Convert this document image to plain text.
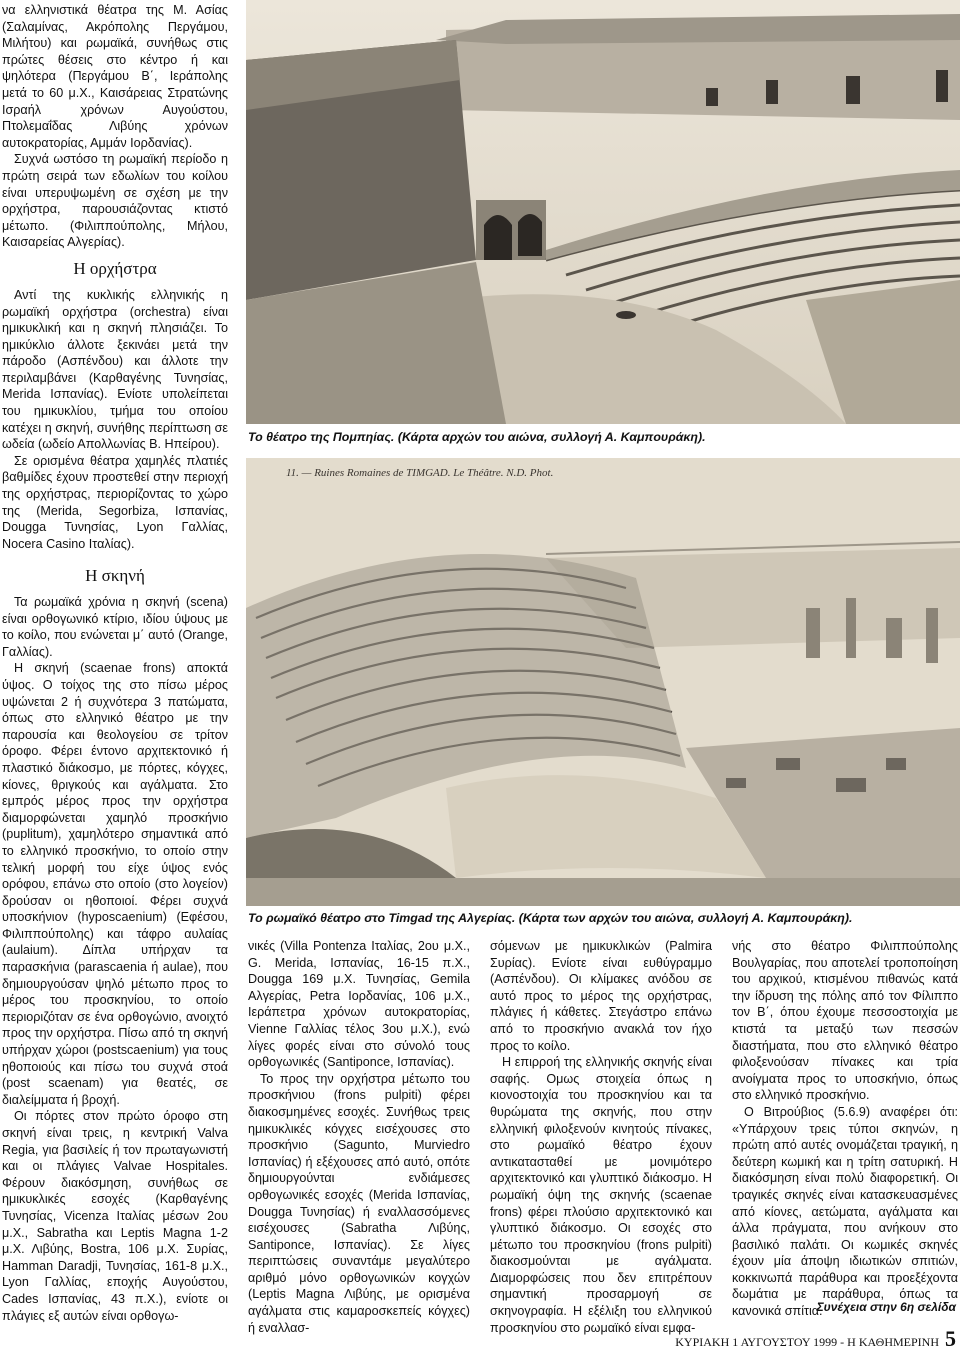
να ελληνιστικά θέατρα της Μ. Ασίας (Σαλαμίνας, Ακρόπολης Περγάμου, Μιλήτου) και ρωμαϊκά, συνήθως στις πρώτες θέσεις στο κέντρο ή και ψηλότερα (Περγάμου Β΄, Ιεράπολης μετά το 60 μ.Χ., Καισάρειας Στρατώνης Ισραήλ χρόνων Αυγούστου, Πτολεμαΐδας Λιβύης χρόνων αυτοκρατορίας, Αμμάν Ιορδανίας).

Συχνά ωστόσο τη ρωμαϊκή περίοδο η πρώτη σειρά των εδωλίων του κοίλου είναι υπερυψωμένη σε σχέση με την ορχήστρα, παρουσιάζοντας κτιστό μέτωπο. (Φιλιππούπολης, Μήλου, Καισαρείας Αλγερίας).

Η ορχήστρα

Αντί της κυκλικής ελληνικής η ρωμαϊκή ορχήστρα (orchestra) είναι ημικυκλική και η σκηνή πλησιάζει. Το ημικύκλιο άλλοτε ξεκινάει μετά την πάροδο (Ασπένδου) και άλλοτε την περιλαμβάνει (Καρθαγένης Τυνησίας, Merida Ισπανίας). Ενίοτε υπολείπεται του ημικυκλίου, τμήμα του οποίου κατέχει η σκηνή, συνήθης περίπτωση σε ωδεία (ωδείο Απολλωνίας Β. Ηπείρου).

Σε ορισμένα θέατρα χαμηλές πλατιές βαθμίδες έχουν προστεθεί στην περιοχή της ορχήστρας, περιορίζοντας το χώρο της (Merida, Segorbiza, Ισπανίας, Dougga Τυνησίας, Lyon Γαλλίας, Nocera Casino Ιταλίας).

Η σκηνή

Τα ρωμαϊκά χρόνια η σκηνή (scena) είναι ορθογωνικό κτίριο, ιδίου ύψους με το κοίλο, που ενώνεται μ΄ αυτό (Orange, Γαλλίας).

Η σκηνή (scaenae frons) αποκτά ύψος. Ο τοίχος της στο πίσω μέρος υψώνεται 2 ή συχνότερα 3 πατώματα, όπως στο ελληνικό θέατρο με την παρουσία και θεολογείου σε τρίτον όροφο. Φέρει έντονο αρχιτεκτονικό ή πλαστικό διάκοσμο, με πόρτες, κόγχες, κίονες, θριγκούς και αγάλματα. Στο εμπρός μέρος προς την ορχήστρα διαμορφώνεται χαμηλό προσκήνιο (puplitum), χαμηλότερο σημαντικά από το ελληνικό προσκήνιο, το οποίο στην τελική μορφή του είχε ύψος ενός ορόφου, επάνω στο οποίο (στο λογείον) δρούσαν οι ηθοποιοί. Φέρει συχνά υποσκήνιον (hyposcaenium) (Εφέσου, Φιλιππούπολης) και τάφρο αυλαίας (aulaium). Δίπλα υπήρχαν τα παρασκήνια (parascaenia ή aulae), που δημιουργούσαν ψηλό μέτωπο προς το μέρος του προσκηνίου, το οποίο περιοριζόταν σε ένα ορθογώνιο, ανοιχτό προς την ορχήστρα. Πίσω από τη σκηνή υπήρχαν χώροι (postscaenium) για τους ηθοποιούς και πίσω του συχνά στοά (post scaenam) για θεατές, σε διαλείμματα ή βροχή.

Οι πόρτες στον πρώτο όροφο στη σκηνή είναι τρεις, η κεντρική Valva Regia, για βασιλείς ή τον πρωταγωνιστή και οι πλάγιες Valvae Hospitales. Φέρουν διακόσμηση, συνήθως σε ημικυκλικές εσοχές (Καρθαγένης Τυνησίας, Vicenza Ιταλίας μέσων 2ου μ.Χ., Sabratha και Leptis Magna 1-2 μ.Χ. Λιβύης, Bostra, 106 μ.Χ. Συρίας, Hamman Daradji, Τυνησίας, 161-8 μ.Χ., Lyon Γαλλίας, εποχής Αυγούστου, Cades Ισπανίας, 43 π.Χ.), ενίοτε οι πλάγιες εξ αυτών είναι ορθογω-

Το θέατρο της Πομπηίας. (Κάρτα αρχών του αιώνα, συλλογή Α. Καμπουράκη).
11. — Ruines Romaines de TIMGAD. Le Théâtre. N.D. Phot.
Το ρωμαϊκό θέατρο στο Timgad της Αλγερίας. (Κάρτα των αρχών του αιώνα, συλλογή Α. Καμπουράκη).

νικές (Villa Pontenza Ιταλίας, 2ου μ.Χ., G. Merida, Ισπανίας, 16-15 π.Χ., Dougga 169 μ.Χ. Τυνησίας, Gemila Αλγερίας, Petra Ιορδανίας, 106 μ.Χ., Ιεράπετρα χρόνων αυτοκρατορίας, Vienne Γαλλίας τέλος 3ου μ.Χ.), ενώ λίγες φορές είναι στο σύνολό τους ορθογωνικές (Santiponce, Ισπανίας).

Το προς την ορχήστρα μέτωπο του προσκήνιου (frons pulpiti) φέρει διακοσμημένες εσοχές. Συνήθως τρεις ημικυκλικές κόγχες εισέχουσες στο προσκήνιο (Sagunto, Murviedro Ισπανίας) ή εξέχουσες από αυτό, οπότε δημιουργούνται ενδιάμεσες ορθογωνικές εσοχές (Merida Ισπανίας, Dougga Τυνησίας) ή εναλλασσόμενες εισέχουσες (Sabratha Λιβύης, Santiponce, Ισπανίας). Σε λίγες περιπτώσεις συναντάμε μεγαλύτερο αριθμό μόνο ορθογωνικών κογχών (Leptis Magna Λιβύης, με ορισμένα αγάλματα στις καμαροσκεπείς κόγχες) ή εναλλασ-

σόμενων με ημικυκλικών (Palmira Συρίας). Ενίοτε είναι ευθύγραμμο (Ασπένδου). Οι κλίμακες ανόδου σε αυτό προς το μέρος της ορχήστρας, πλάγιες ή κάθετες. Στεγάστρο επάνω από το προσκήνιο ανακλά τον ήχο προς το κοίλο.

Η επιρροή της ελληνικής σκηνής είναι σαφής. Ομως στοιχεία όπως η κιονοστοιχία του προσκηνίου και τα θυρώματα της σκηνής, που στην ελληνική φιλοξενούν κινητούς πίνακες, στο ρωμαϊκό θέατρο έχουν αντικατασταθεί με μονιμότερο αρχιτεκτονικό και γλυπτικό διάκοσμο. Η ρωμαϊκή όψη της σκηνής (scaenae frons) φέρει πλούσιο αρχιτεκτονικό και γλυπτικό διάκοσμο. Οι εσοχές στο μέτωπο του προσκηνίου (frons pulpiti) διακοσμούνται με αγάλματα. Διαμορφώσεις που δεν επιτρέπουν σημαντική προσαρμογή σε σκηνογραφία. Η εξέλιξη του ελληνικού προσκηνίου στο ρωμαϊκό είναι εμφα-

νής στο θέατρο Φιλιππούπολης Βουλγαρίας, που αποτελεί τροποποίηση του αρχικού, κτισμένου πιθανώς κατά την ίδρυση της πόλης από τον Φίλιππο τον Β΄, όπου έχουμε πεσσοστοιχία με κτιστά τα μεταξύ των πεσσών διαστήματα, που στο ελληνικό θέατρο φιλοξενούσαν πίνακες και τρία ανοίγματα προς το υποσκήνιο, όπως στο ελληνικό προσκήνιο.

Ο Βιτρούβιος (5.6.9) αναφέρει ότι: «Υπάρχουν τρεις τύποι σκηνών, η πρώτη από αυτές ονομάζεται τραγική, η δεύτερη κωμική και η τρίτη σατυρική. Η διακόσμηση είναι πολύ διαφορετική. Οι τραγικές σκηνές είναι κατασκευασμένες από κίονες, αετώματα, αγάλματα και άλλα πράγματα, που ανήκουν στο βασιλικό παλάτι. Οι κωμικές σκηνές έχουν μία άποψη ιδιωτικών σπιτιών, κοκκινωπά παράθυρα και προεξέχοντα δωμάτια με παράθυρα, όπως τα κανονικά σπίτια.

Συνέχεια στην 6η σελίδα
ΚΥΡΙΑΚΗ 1 ΑΥΓΟΥΣΤΟΥ 1999 - Η ΚΑΘΗΜΕΡΙΝΗ 5
